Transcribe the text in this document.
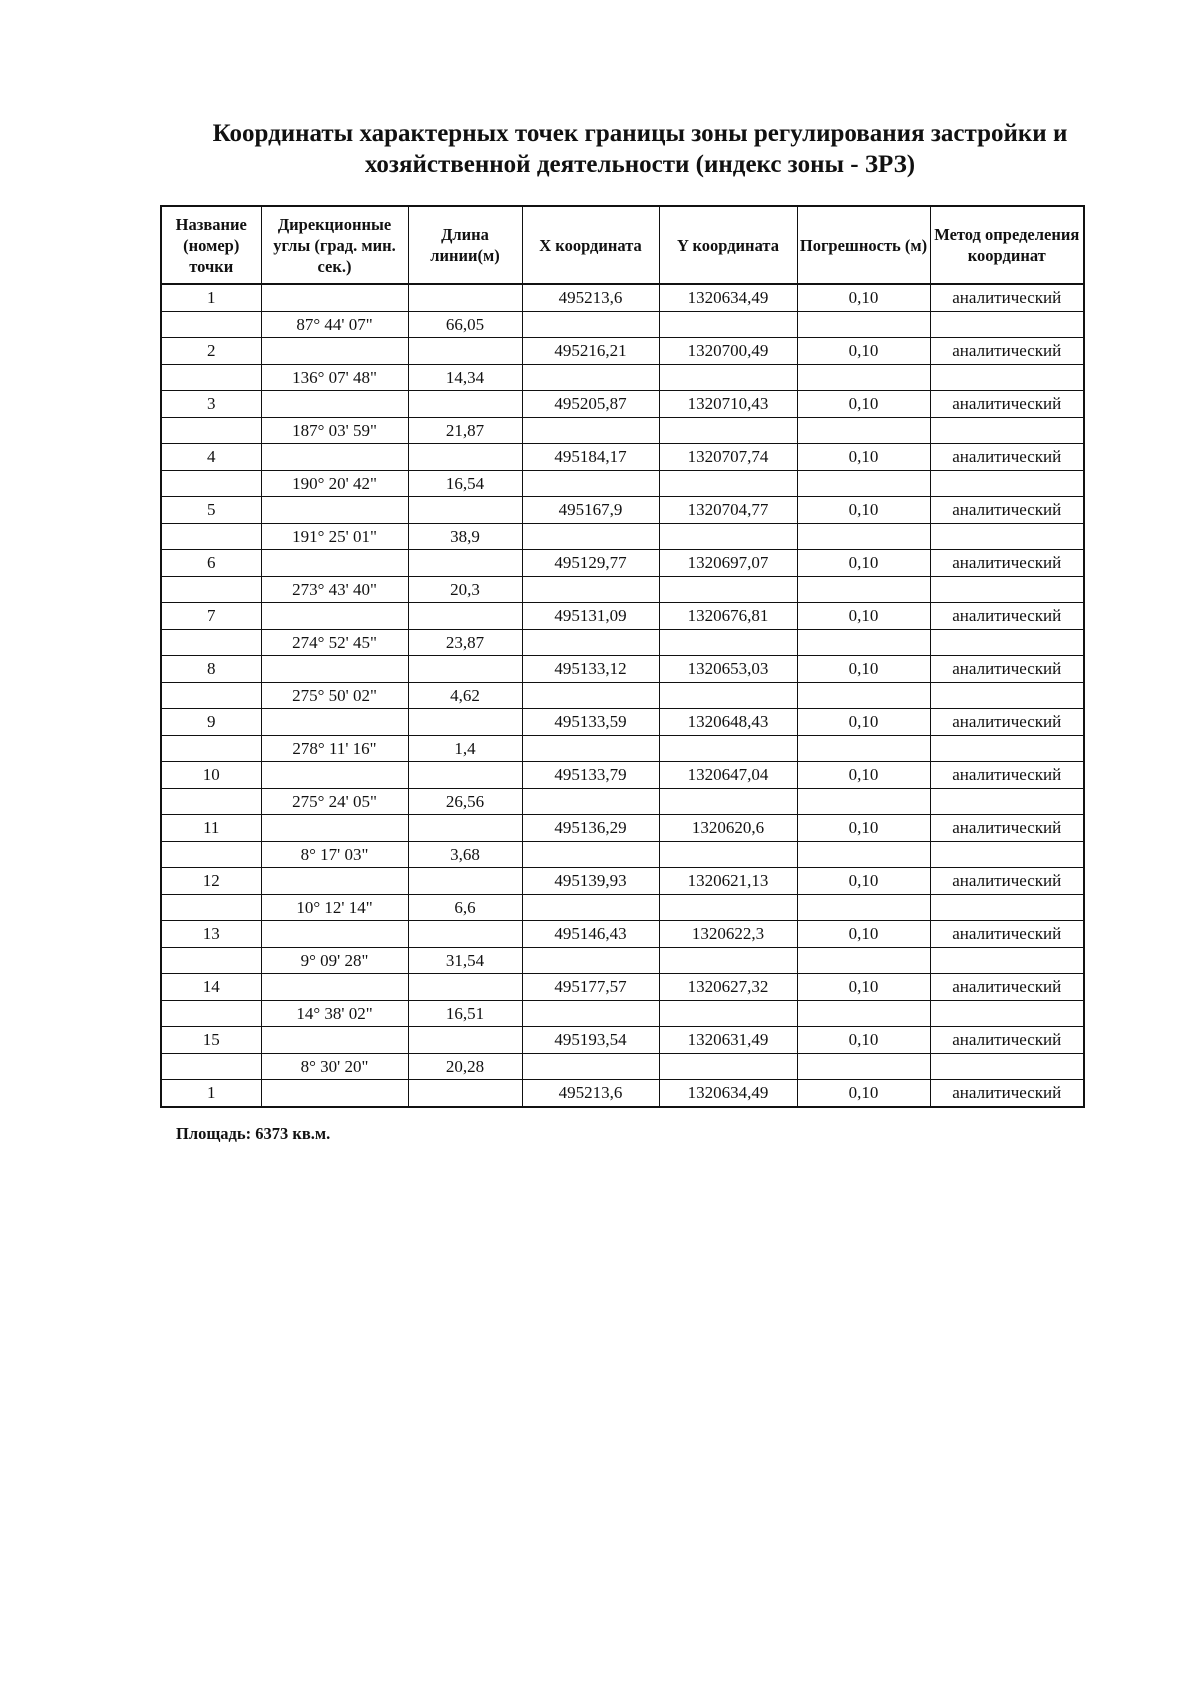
Координаты характерных точек границы зоны регулирования застройки и хозяйственной деятельности (индекс зоны - ЗРЗ)
Название (номер) точки	Дирекционные углы (град. мин. сек.)	Длина линии(м)	X координата	Y координата	Погрешность (м)	Метод определения координат
1			495213,6	1320634,49	0,10	аналитический
	87° 44' 07"	66,05				
2			495216,21	1320700,49	0,10	аналитический
	136° 07' 48"	14,34				
3			495205,87	1320710,43	0,10	аналитический
	187° 03' 59"	21,87				
4			495184,17	1320707,74	0,10	аналитический
	190° 20' 42"	16,54				
5			495167,9	1320704,77	0,10	аналитический
	191° 25' 01"	38,9				
6			495129,77	1320697,07	0,10	аналитический
	273° 43' 40"	20,3				
7			495131,09	1320676,81	0,10	аналитический
	274° 52' 45"	23,87				
8			495133,12	1320653,03	0,10	аналитический
	275° 50' 02"	4,62				
9			495133,59	1320648,43	0,10	аналитический
	278° 11' 16"	1,4				
10			495133,79	1320647,04	0,10	аналитический
	275° 24' 05"	26,56				
11			495136,29	1320620,6	0,10	аналитический
	8° 17' 03"	3,68				
12			495139,93	1320621,13	0,10	аналитический
	10° 12' 14"	6,6				
13			495146,43	1320622,3	0,10	аналитический
	9° 09' 28"	31,54				
14			495177,57	1320627,32	0,10	аналитический
	14° 38' 02"	16,51				
15			495193,54	1320631,49	0,10	аналитический
	8° 30' 20"	20,28				
1			495213,6	1320634,49	0,10	аналитический
Площадь: 6373 кв.м.
